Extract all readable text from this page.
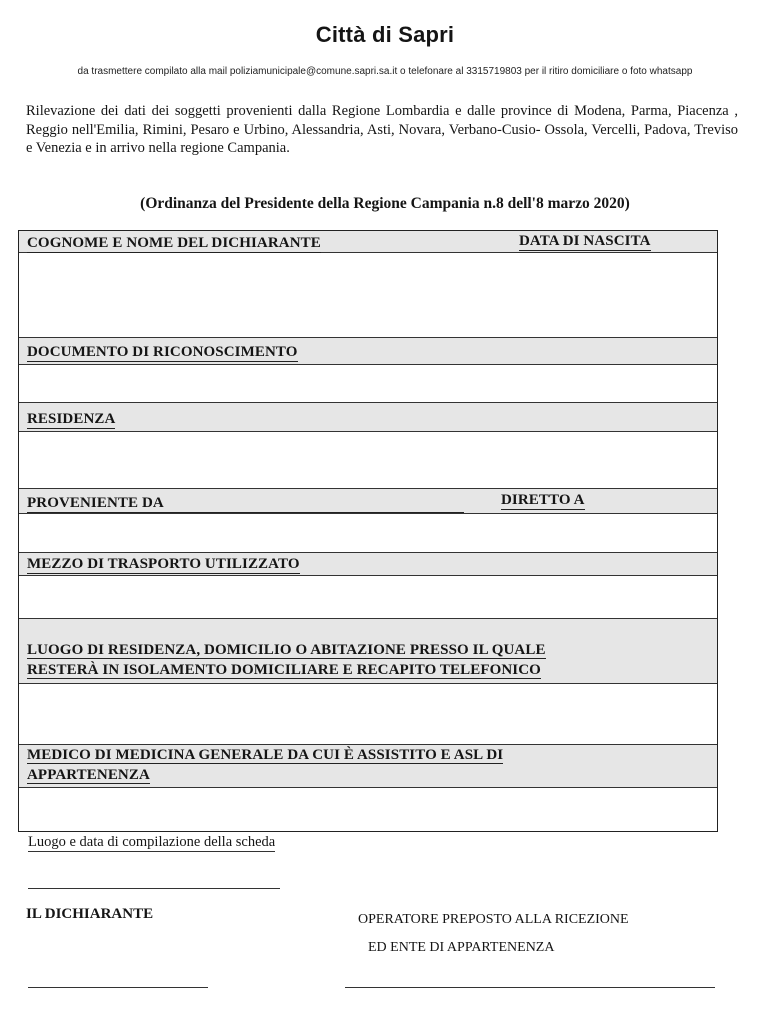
Città di Sapri
da trasmettere compilato alla mail poliziamunicipale@comune.sapri.sa.it o telefonare al 3315719803 per il ritiro domiciliare o foto whatsapp
Rilevazione dei dati dei soggetti provenienti dalla Regione Lombardia e dalle province di Modena, Parma, Piacenza , Reggio nell'Emilia, Rimini, Pesaro e Urbino, Alessandria, Asti, Novara, Verbano-Cusio- Ossola, Vercelli, Padova, Treviso e Venezia e in arrivo nella regione Campania.
(Ordinanza del Presidente della Regione Campania n.8 dell'8 marzo 2020)
COGNOME E NOME DEL DICHIARANTE	DATA DI NASCITA
DOCUMENTO DI RICONOSCIMENTO
RESIDENZA
PROVENIENTE DA	DIRETTO A
MEZZO DI TRASPORTO UTILIZZATO
LUOGO DI RESIDENZA, DOMICILIO O ABITAZIONE PRESSO IL QUALE
RESTERÀ IN ISOLAMENTO DOMICILIARE E RECAPITO TELEFONICO
MEDICO DI MEDICINA GENERALE DA CUI È ASSISTITO E ASL DI
APPARTENENZA
Luogo e data di compilazione della scheda
IL DICHIARANTE	OPERATORE PREPOSTO ALLA RICEZIONE
ED ENTE DI APPARTENENZA
